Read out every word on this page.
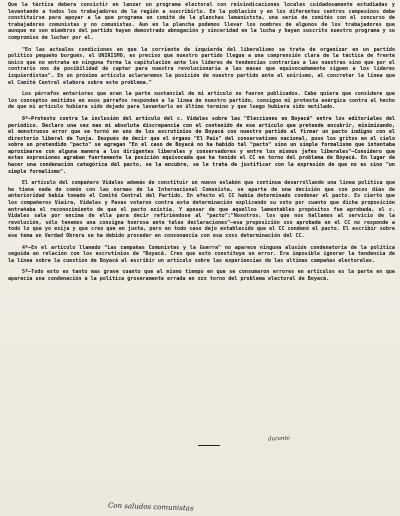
Que la táctica debera consistir en lanzar un programa electoral con reivindicaciones locales cuidadosamente estudiadas y levantando a todos los trabajadores de la región a suscribirlo. En la población y en los diferentes centros campesinos debe constituirse para apoyar a la que programa un comité de la planchas lemaniststa, una serie de comités con el concurso de trabajadores comunistas y no comunistas. Aun en la plancha podemos llevar los nombres de algunos de los trabajadores que aunque no son miembros del partido hayan demostrado abnegación y sinceridad en la lucha y hayan suscrito nuestro programa y su compromiso de luchar por el.

"En las actuales condiciones en que la corriente de izquierda del liberalismo se trata de organizar en un partido político pequeño burgués, el UNIRISMO, es preciso que nuestro partido llegue a una comprensión clara de la táctica de frente único que no entraña en ninguna forma la capitulación ante los líderes de tendencias contrarias a las nuestras sino que por el contrario nos da posibilidad de captar para nuestra revolucionaria a las masas que equivocadamente siguen a los líderes izquierdistas". En un próximo artículo aclararemos la posición de nuestro partido ante el unirismo, al concretar la línea que el Comité Central elabora sobre este problema."

Los párrafos anteriores que eran la parte sustancial de mi artículo no fueron publicados. Cabe quiera que considere que los conceptos emitidos en esos párrafos responden a la línea de nuestro partido, consigno mi protesta enérgica contra el hecho de que mi artículo hubiera sido dejado para levantarlo en último termino y que luego hubiera sido mutilado.

8º—Protesto contra la inclusión del artículo del c. Vidales sobre las "Elecciones en Boyacá" entre los editoriales del periódico. Declaro una vez mas mi absoluta discrepancia con el contenido de ese artículo que pretende encubrir, minimizando, el monstruoso error que se tornó en uno de los escrutinios de Boyacá con nuestro partido al firmar un pacto indigno con el directorio liberal de Tunja. Después de decir que el órgano "El País" del conservatismo nacional, puso los gritos en el cielo sobre un pretendido "pacto" se agregan "En el caso de Boyacá no ha habido tal "pacto" sino un simple formalismo que intentaba aproximarse con alguna manera a los dirigentes liberales y conservadores y entre los mismos jefes liberales"—Considero que estas expresiones agraban fuertemente la posición equivocada que ha tenido el CC en torno del problema de Boyacá. En lugar de hacer una condenación categórica del pacto, se la encubre, se le trata de justificar con la expresión de que no es sino "un simple formalismo".

El artículo del compañero Vidales además de constituir un nuevo eslabón que continua desarrollando una línea política que he tiene nada de común con las normas de la Internacional Comunista, se aparta de una decisión que con pocos días de anterioridad había tomado el Comité Central del Partido. En efecto el CC había determinado condenar el pacto. Es cierto que los compañeros Vieira, Vidales y Pavas votaron contra esta determinación explicando su voto por cuanto que dicha proposición entrañaba el reconocimiento de que el pacto existía. Y apesar de que aquellos lamentables propósitos fue aprobada, el c. Vidales sale por encima de ella para decir refiriéndose al "pacto":"Nosotros, los que nos hallamos al servicio de la revolución, sólo tenemos una consigna honrosa ante tales declaraciones"—esa proposición xxx aprobada en el CC no responde a todo lo que yo exija y que creo que en justa, pero en todo caso dejo establecido que el CC condenó el pacto. El escribir sobre ese tema en Verdad Obrera se ha debido proceder en consonancia con esa xxxx determinación del CC.

4º—En el artículo llamado "Las campañas Comunistas y la Guerra" no aparece ninguna alusión condenatoria de la política seguida en relación con los escrutinios de "Boyacá. Creo que esto constituye un error. Era imposible ignorar la tendencia de la línea sobre la cuestión de Boyacá al escribir un artículo sobre las experiencias de las ultimas campañas electorales.

5º—Todo esto es tanto mas grave cuanto que al mismo tiempo en que se consumaron errores en artículos es la parte en que aparecía una condenación a la política groseramente errada en xxx torno del problema electoral de Boyacá.

durante
Con saludos comunistas
